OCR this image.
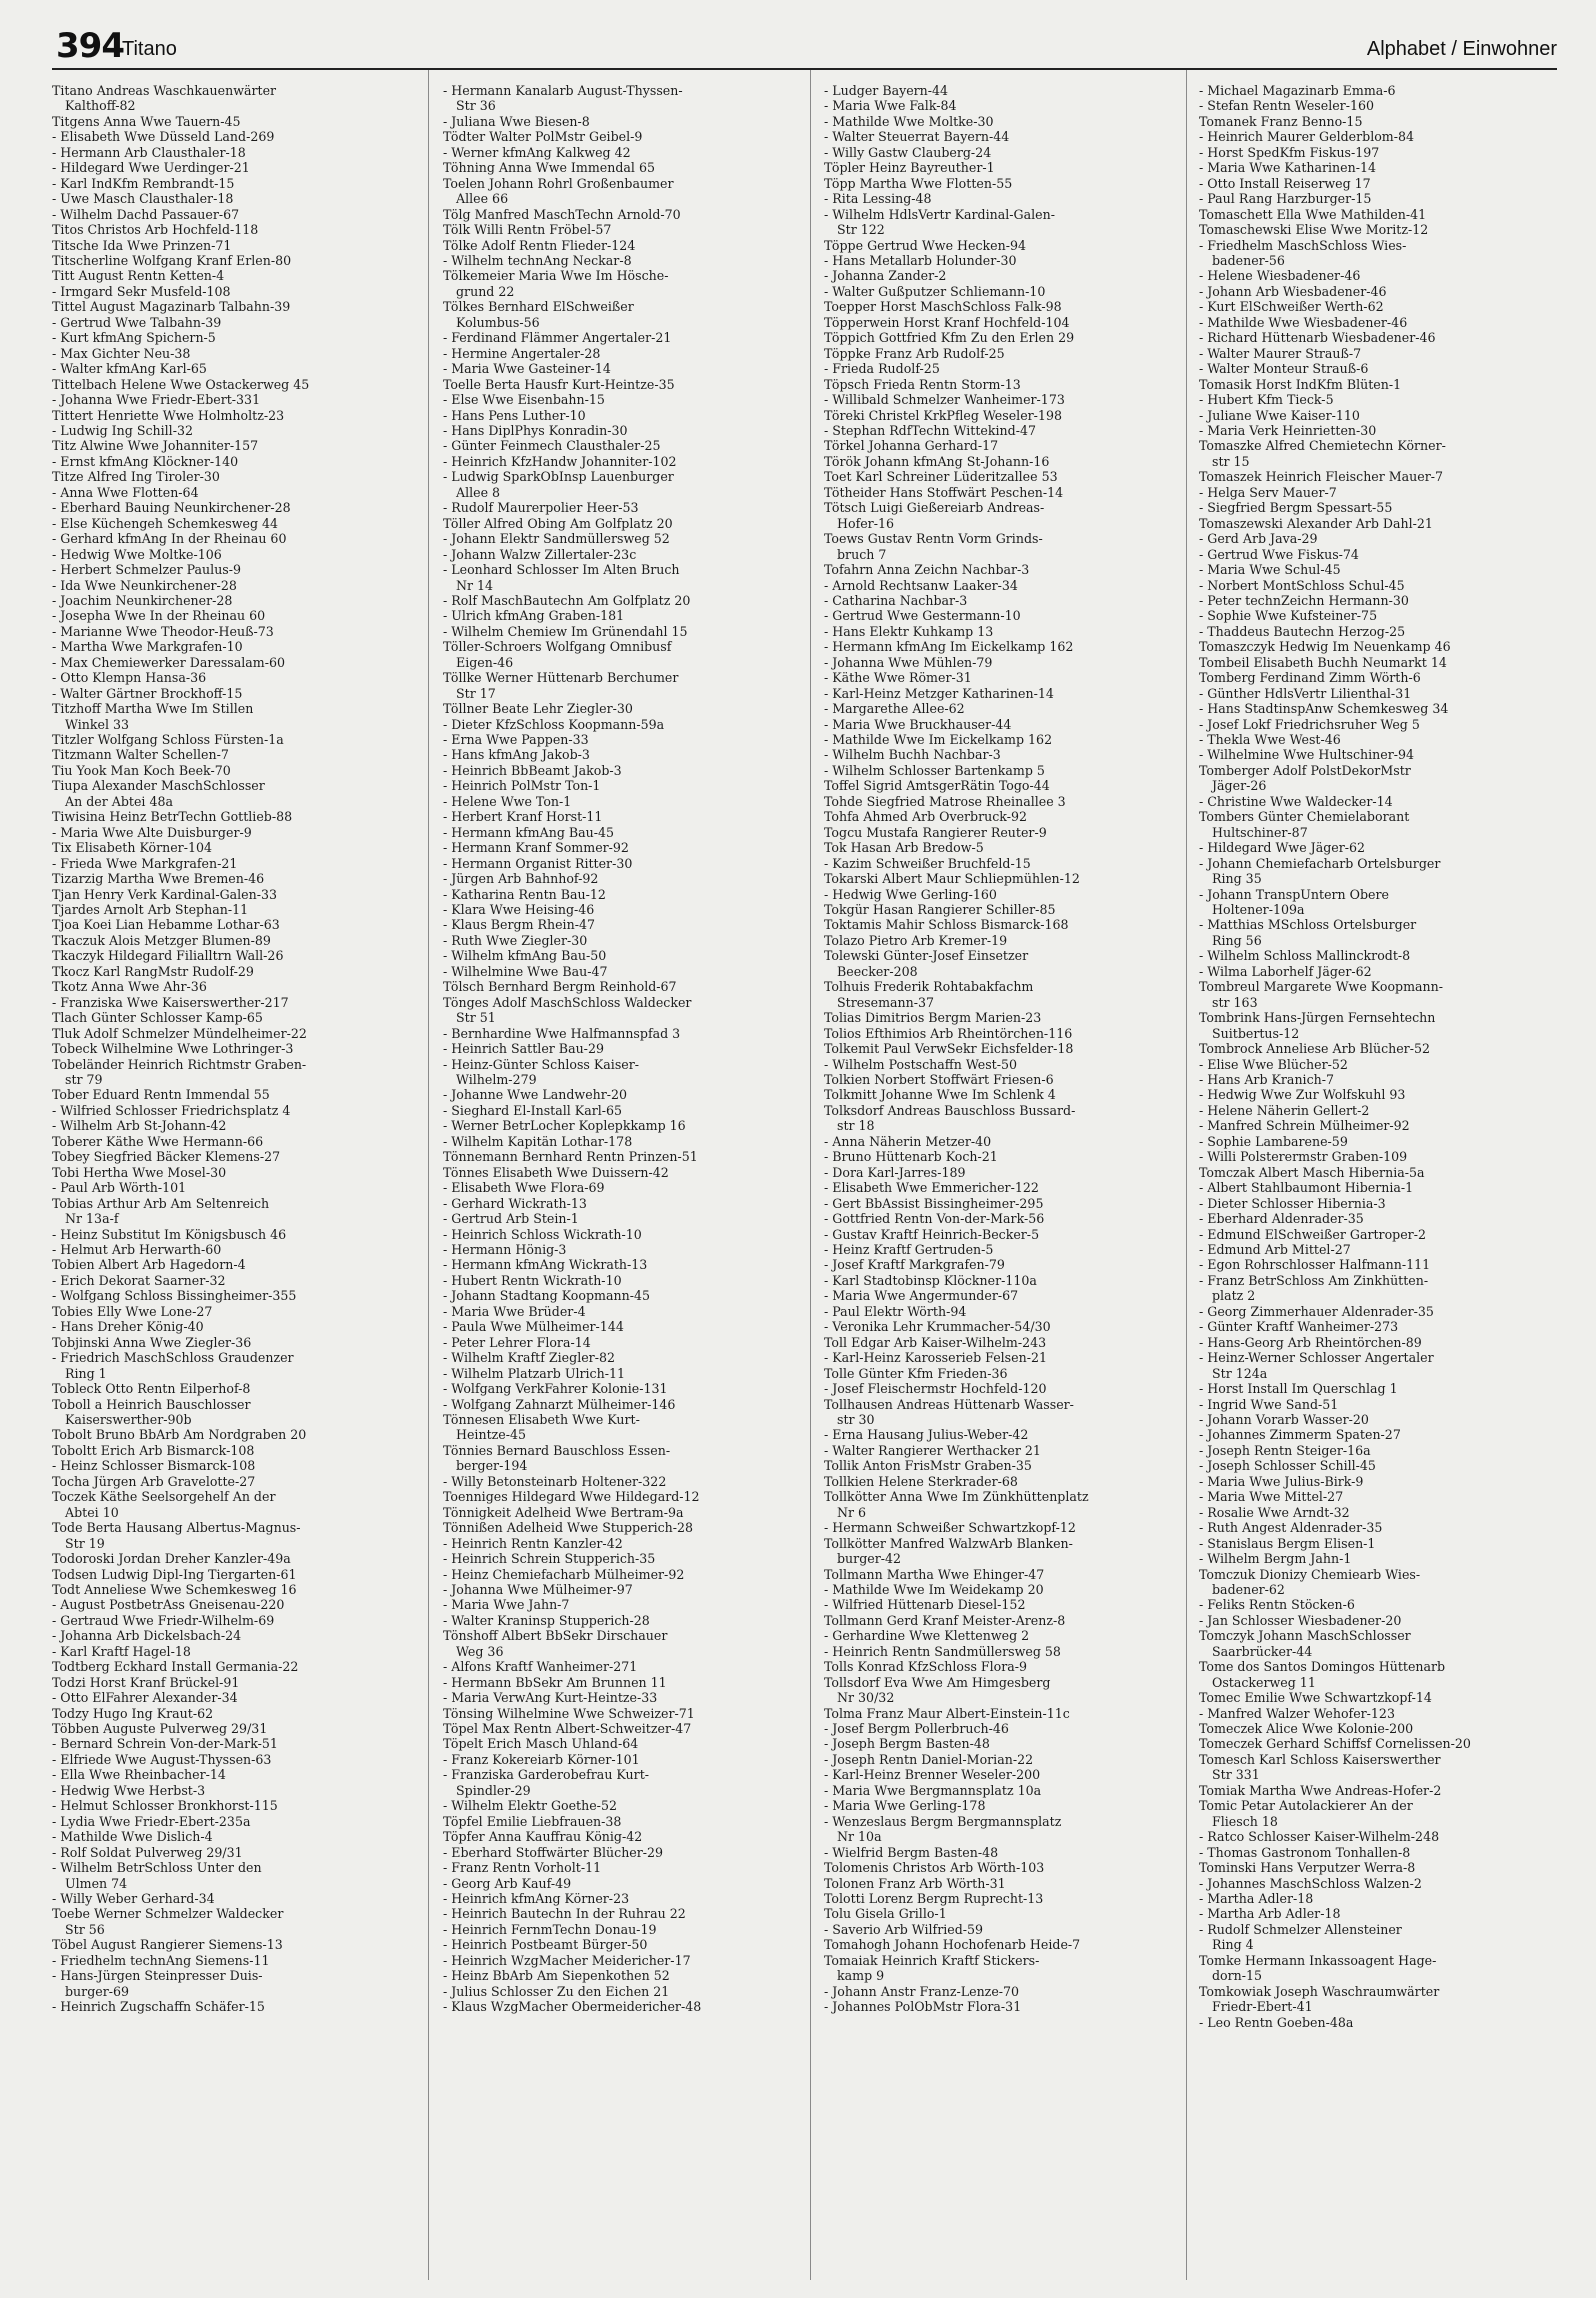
394
Titano	Alphabet / Einwohner
Titano Andreas Waschkauenwärter
Kalthoff-82
Titgens Anna Wwe Tauern-45
- Elisabeth Wwe Düsseld Land-269
- Hermann Arb Clausthaler-18
- Hildegard Wwe Uerdinger-21
- Karl IndKfm Rembrandt-15
- Uwe Masch Clausthaler-18
- Wilhelm Dachd Passauer-67
Titos Christos Arb Hochfeld-118
Titsche Ida Wwe Prinzen-71
Titscherline Wolfgang Kranf Erlen-80
Titt August Rentn Ketten-4
- Irmgard Sekr Musfeld-108
Tittel August Magazinarb Talbahn-39
- Gertrud Wwe Talbahn-39
- Kurt kfmAng Spichern-5
- Max Gichter Neu-38
- Walter kfmAng Karl-65
Tittelbach Helene Wwe Ostackerweg 45
- Johanna Wwe Friedr-Ebert-331
Tittert Henriette Wwe Holmholtz-23
- Ludwig Ing Schill-32
Titz Alwine Wwe Johanniter-157
- Ernst kfmAng Klöckner-140
Titze Alfred Ing Tiroler-30
- Anna Wwe Flotten-64
- Eberhard Bauing Neunkirchener-28
- Else Küchengeh Schemkesweg 44
- Gerhard kfmAng In der Rheinau 60
- Hedwig Wwe Moltke-106
- Herbert Schmelzer Paulus-9
- Ida Wwe Neunkirchener-28
- Joachim Neunkirchener-28
- Josepha Wwe In der Rheinau 60
- Marianne Wwe Theodor-Heuß-73
- Martha Wwe Markgrafen-10
- Max Chemiewerker Daressalam-60
- Otto Klempn Hansa-36
- Walter Gärtner Brockhoff-15
Titzhoff Martha Wwe Im Stillen
Winkel 33
Titzler Wolfgang Schloss Fürsten-1a
Titzmann Walter Schellen-7
Tiu Yook Man Koch Beek-70
Tiupa Alexander MaschSchlosser
An der Abtei 48a
Tiwisina Heinz BetrTechn Gottlieb-88
- Maria Wwe Alte Duisburger-9
Tix Elisabeth Körner-104
- Frieda Wwe Markgrafen-21
Tizarzig Martha Wwe Bremen-46
Tjan Henry Verk Kardinal-Galen-33
Tjardes Arnolt Arb Stephan-11
Tjoa Koei Lian Hebamme Lothar-63
Tkaczuk Alois Metzger Blumen-89
Tkaczyk Hildegard Filialltrn Wall-26
Tkocz Karl RangMstr Rudolf-29
Tkotz Anna Wwe Ahr-36
- Franziska Wwe Kaiserswerther-217
Tlach Günter Schlosser Kamp-65
Tluk Adolf Schmelzer Mündelheimer-22
Tobeck Wilhelmine Wwe Lothringer-3
Tobeländer Heinrich Richtmstr Graben-
str 79
Tober Eduard Rentn Immendal 55
- Wilfried Schlosser Friedrichsplatz 4
- Wilhelm Arb St-Johann-42
Toberer Käthe Wwe Hermann-66
Tobey Siegfried Bäcker Klemens-27
Tobi Hertha Wwe Mosel-30
- Paul Arb Wörth-101
Tobias Arthur Arb Am Seltenreich
Nr 13a-f
- Heinz Substitut Im Königsbusch 46
- Helmut Arb Herwarth-60
Tobien Albert Arb Hagedorn-4
- Erich Dekorat Saarner-32
- Wolfgang Schloss Bissingheimer-355
Tobies Elly Wwe Lone-27
- Hans Dreher König-40
Tobjinski Anna Wwe Ziegler-36
- Friedrich MaschSchloss Graudenzer
Ring 1
Tobleck Otto Rentn Eilperhof-8
Toboll a Heinrich Bauschlosser
Kaiserswerther-90b
Tobolt Bruno BbArb Am Nordgraben 20
Toboltt Erich Arb Bismarck-108
- Heinz Schlosser Bismarck-108
Tocha Jürgen Arb Gravelotte-27
Toczek Käthe Seelsorgehelf An der
Abtei 10
Tode Berta Hausang Albertus-Magnus-
Str 19
Todoroski Jordan Dreher Kanzler-49a
Todsen Ludwig Dipl-Ing Tiergarten-61
Todt Anneliese Wwe Schemkesweg 16
- August PostbetrAss Gneisenau-220
- Gertraud Wwe Friedr-Wilhelm-69
- Johanna Arb Dickelsbach-24
- Karl Kraftf Hagel-18
Todtberg Eckhard Install Germania-22
Todzi Horst Kranf Brückel-91
- Otto ElFahrer Alexander-34
Todzy Hugo Ing Kraut-62
Többen Auguste Pulverweg 29/31
- Bernard Schrein Von-der-Mark-51
- Elfriede Wwe August-Thyssen-63
- Ella Wwe Rheinbacher-14
- Hedwig Wwe Herbst-3
- Helmut Schlosser Bronkhorst-115
- Lydia Wwe Friedr-Ebert-235a
- Mathilde Wwe Dislich-4
- Rolf Soldat Pulverweg 29/31
- Wilhelm BetrSchloss Unter den
Ulmen 74
- Willy Weber Gerhard-34
Toebe Werner Schmelzer Waldecker
Str 56
Töbel August Rangierer Siemens-13
- Friedhelm technAng Siemens-11
- Hans-Jürgen Steinpresser Duis-
burger-69
- Heinrich Zugschaffn Schäfer-15
- Hermann Kanalarb August-Thyssen-
Str 36
- Juliana Wwe Biesen-8
Tödter Walter PolMstr Geibel-9
- Werner kfmAng Kalkweg 42
Töhning Anna Wwe Immendal 65
Toelen Johann Rohrl Großenbaumer
Allee 66
Tölg Manfred MaschTechn Arnold-70
Tölk Willi Rentn Fröbel-57
Tölke Adolf Rentn Flieder-124
- Wilhelm technAng Neckar-8
Tölkemeier Maria Wwe Im Hösche-
grund 22
Tölkes Bernhard ElSchweißer
Kolumbus-56
- Ferdinand Flämmer Angertaler-21
- Hermine Angertaler-28
- Maria Wwe Gasteiner-14
Toelle Berta Hausfr Kurt-Heintze-35
- Else Wwe Eisenbahn-15
- Hans Pens Luther-10
- Hans DiplPhys Konradin-30
- Günter Feinmech Clausthaler-25
- Heinrich KfzHandw Johanniter-102
- Ludwig SparkObInsp Lauenburger
Allee 8
- Rudolf Maurerpolier Heer-53
Töller Alfred Obing Am Golfplatz 20
- Johann Elektr Sandmüllersweg 52
- Johann Walzw Zillertaler-23c
- Leonhard Schlosser Im Alten Bruch
Nr 14
- Rolf MaschBautechn Am Golfplatz 20
- Ulrich kfmAng Graben-181
- Wilhelm Chemiew Im Grünendahl 15
Töller-Schroers Wolfgang Omnibusf
Eigen-46
Töllke Werner Hüttenarb Berchumer
Str 17
Töllner Beate Lehr Ziegler-30
- Dieter KfzSchloss Koopmann-59a
- Erna Wwe Pappen-33
- Hans kfmAng Jakob-3
- Heinrich BbBeamt Jakob-3
- Heinrich PolMstr Ton-1
- Helene Wwe Ton-1
- Herbert Kranf Horst-11
- Hermann kfmAng Bau-45
- Hermann Kranf Sommer-92
- Hermann Organist Ritter-30
- Jürgen Arb Bahnhof-92
- Katharina Rentn Bau-12
- Klara Wwe Heising-46
- Klaus Bergm Rhein-47
- Ruth Wwe Ziegler-30
- Wilhelm kfmAng Bau-50
- Wilhelmine Wwe Bau-47
Tölsch Bernhard Bergm Reinhold-67
Tönges Adolf MaschSchloss Waldecker
Str 51
- Bernhardine Wwe Halfmannspfad 3
- Heinrich Sattler Bau-29
- Heinz-Günter Schloss Kaiser-
Wilhelm-279
- Johanne Wwe Landwehr-20
- Sieghard El-Install Karl-65
- Werner BetrLocher Koplepkkamp 16
- Wilhelm Kapitän Lothar-178
Tönnemann Bernhard Rentn Prinzen-51
Tönnes Elisabeth Wwe Duissern-42
- Elisabeth Wwe Flora-69
- Gerhard Wickrath-13
- Gertrud Arb Stein-1
- Heinrich Schloss Wickrath-10
- Hermann Hönig-3
- Hermann kfmAng Wickrath-13
- Hubert Rentn Wickrath-10
- Johann Stadtang Koopmann-45
- Maria Wwe Brüder-4
- Paula Wwe Mülheimer-144
- Peter Lehrer Flora-14
- Wilhelm Kraftf Ziegler-82
- Wilhelm Platzarb Ulrich-11
- Wolfgang VerkFahrer Kolonie-131
- Wolfgang Zahnarzt Mülheimer-146
Tönnesen Elisabeth Wwe Kurt-
Heintze-45
Tönnies Bernard Bauschloss Essen-
berger-194
- Willy Betonsteinarb Holtener-322
Toenniges Hildegard Wwe Hildegard-12
Tönnigkeit Adelheid Wwe Bertram-9a
Tönnißen Adelheid Wwe Stupperich-28
- Heinrich Rentn Kanzler-42
- Heinrich Schrein Stupperich-35
- Heinz Chemiefacharb Mülheimer-92
- Johanna Wwe Mülheimer-97
- Maria Wwe Jahn-7
- Walter Kraninsp Stupperich-28
Tönshoff Albert BbSekr Dirschauer
Weg 36
- Alfons Kraftf Wanheimer-271
- Hermann BbSekr Am Brunnen 11
- Maria VerwAng Kurt-Heintze-33
Tönsing Wilhelmine Wwe Schweizer-71
Töpel Max Rentn Albert-Schweitzer-47
Töpelt Erich Masch Uhland-64
- Franz Kokereiarb Körner-101
- Franziska Garderobefrau Kurt-
Spindler-29
- Wilhelm Elektr Goethe-52
Töpfel Emilie Liebfrauen-38
Töpfer Anna Kauffrau König-42
- Eberhard Stoffwärter Blücher-29
- Franz Rentn Vorholt-11
- Georg Arb Kauf-49
- Heinrich kfmAng Körner-23
- Heinrich Bautechn In der Ruhrau 22
- Heinrich FernmTechn Donau-19
- Heinrich Postbeamt Bürger-50
- Heinrich WzgMacher Meidericher-17
- Heinz BbArb Am Siepenkothen 52
- Julius Schlosser Zu den Eichen 21
- Klaus WzgMacher Obermeidericher-48
- Ludger Bayern-44
- Maria Wwe Falk-84
- Mathilde Wwe Moltke-30
- Walter Steuerrat Bayern-44
- Willy Gastw Clauberg-24
Töpler Heinz Bayreuther-1
Töpp Martha Wwe Flotten-55
- Rita Lessing-48
- Wilhelm HdlsVertr Kardinal-Galen-
Str 122
Töppe Gertrud Wwe Hecken-94
- Hans Metallarb Holunder-30
- Johanna Zander-2
- Walter Gußputzer Schliemann-10
Toepper Horst MaschSchloss Falk-98
Töpperwein Horst Kranf Hochfeld-104
Töppich Gottfried Kfm Zu den Erlen 29
Töppke Franz Arb Rudolf-25
- Frieda Rudolf-25
Töpsch Frieda Rentn Storm-13
- Willibald Schmelzer Wanheimer-173
Töreki Christel KrkPfleg Weseler-198
- Stephan RdfTechn Wittekind-47
Törkel Johanna Gerhard-17
Török Johann kfmAng St-Johann-16
Toet Karl Schreiner Lüderitzallee 53
Tötheider Hans Stoffwärt Peschen-14
Tötsch Luigi Gießereiarb Andreas-
Hofer-16
Toews Gustav Rentn Vorm Grinds-
bruch 7
Tofahrn Anna Zeichn Nachbar-3
- Arnold Rechtsanw Laaker-34
- Catharina Nachbar-3
- Gertrud Wwe Gestermann-10
- Hans Elektr Kuhkamp 13
- Hermann kfmAng Im Eickelkamp 162
- Johanna Wwe Mühlen-79
- Käthe Wwe Römer-31
- Karl-Heinz Metzger Katharinen-14
- Margarethe Allee-62
- Maria Wwe Bruckhauser-44
- Mathilde Wwe Im Eickelkamp 162
- Wilhelm Buchh Nachbar-3
- Wilhelm Schlosser Bartenkamp 5
Toffel Sigrid AmtsgerRätin Togo-44
Tohde Siegfried Matrose Rheinallee 3
Tohfa Ahmed Arb Overbruck-92
Togcu Mustafa Rangierer Reuter-9
Tok Hasan Arb Bredow-5
- Kazim Schweißer Bruchfeld-15
Tokarski Albert Maur Schliepmühlen-12
- Hedwig Wwe Gerling-160
Tokgür Hasan Rangierer Schiller-85
Toktamis Mahir Schloss Bismarck-168
Tolazo Pietro Arb Kremer-19
Tolewski Günter-Josef Einsetzer
Beecker-208
Tolhuis Frederik Rohtabakfachm
Stresemann-37
Tolias Dimitrios Bergm Marien-23
Tolios Efthimios Arb Rheintörchen-116
Tolkemit Paul VerwSekr Eichsfelder-18
- Wilhelm Postschaffn West-50
Tolkien Norbert Stoffwärt Friesen-6
Tolkmitt Johanne Wwe Im Schlenk 4
Tolksdorf Andreas Bauschloss Bussard-
str 18
- Anna Näherin Metzer-40
- Bruno Hüttenarb Koch-21
- Dora Karl-Jarres-189
- Elisabeth Wwe Emmericher-122
- Gert BbAssist Bissingheimer-295
- Gottfried Rentn Von-der-Mark-56
- Gustav Kraftf Heinrich-Becker-5
- Heinz Kraftf Gertruden-5
- Josef Kraftf Markgrafen-79
- Karl Stadtobinsp Klöckner-110a
- Maria Wwe Angermunder-67
- Paul Elektr Wörth-94
- Veronika Lehr Krummacher-54/30
Toll Edgar Arb Kaiser-Wilhelm-243
- Karl-Heinz Karosserieb Felsen-21
Tolle Günter Kfm Frieden-36
- Josef Fleischermstr Hochfeld-120
Tollhausen Andreas Hüttenarb Wasser-
str 30
- Erna Hausang Julius-Weber-42
- Walter Rangierer Werthacker 21
Tollik Anton FrisMstr Graben-35
Tollkien Helene Sterkrader-68
Tollkötter Anna Wwe Im Zünkhüttenplatz
Nr 6
- Hermann Schweißer Schwartzkopf-12
Tollkötter Manfred WalzwArb Blanken-
burger-42
Tollmann Martha Wwe Ehinger-47
- Mathilde Wwe Im Weidekamp 20
- Wilfried Hüttenarb Diesel-152
Tollmann Gerd Kranf Meister-Arenz-8
- Gerhardine Wwe Klettenweg 2
- Heinrich Rentn Sandmüllersweg 58
Tolls Konrad KfzSchloss Flora-9
Tollsdorf Eva Wwe Am Himgesberg
Nr 30/32
Tolma Franz Maur Albert-Einstein-11c
- Josef Bergm Pollerbruch-46
- Joseph Bergm Basten-48
- Joseph Rentn Daniel-Morian-22
- Karl-Heinz Brenner Weseler-200
- Maria Wwe Bergmannsplatz 10a
- Maria Wwe Gerling-178
- Wenzeslaus Bergm Bergmannsplatz
Nr 10a
- Wielfrid Bergm Basten-48
Tolomenis Christos Arb Wörth-103
Tolonen Franz Arb Wörth-31
Tolotti Lorenz Bergm Ruprecht-13
Tolu Gisela Grillo-1
- Saverio Arb Wilfried-59
Tomahogh Johann Hochofenarb Heide-7
Tomaiak Heinrich Kraftf Stickers-
kamp 9
- Johann Anstr Franz-Lenze-70
- Johannes PolObMstr Flora-31
- Michael Magazinarb Emma-6
- Stefan Rentn Weseler-160
Tomanek Franz Benno-15
- Heinrich Maurer Gelderblom-84
- Horst SpedKfm Fiskus-197
- Maria Wwe Katharinen-14
- Otto Install Reiserweg 17
- Paul Rang Harzburger-15
Tomaschett Ella Wwe Mathilden-41
Tomaschewski Elise Wwe Moritz-12
- Friedhelm MaschSchloss Wies-
badener-56
- Helene Wiesbadener-46
- Johann Arb Wiesbadener-46
- Kurt ElSchweißer Werth-62
- Mathilde Wwe Wiesbadener-46
- Richard Hüttenarb Wiesbadener-46
- Walter Maurer Strauß-7
- Walter Monteur Strauß-6
Tomasik Horst IndKfm Blüten-1
- Hubert Kfm Tieck-5
- Juliane Wwe Kaiser-110
- Maria Verk Heinrietten-30
Tomaszke Alfred Chemietechn Körner-
str 15
Tomaszek Heinrich Fleischer Mauer-7
- Helga Serv Mauer-7
- Siegfried Bergm Spessart-55
Tomaszewski Alexander Arb Dahl-21
- Gerd Arb Java-29
- Gertrud Wwe Fiskus-74
- Maria Wwe Schul-45
- Norbert MontSchloss Schul-45
- Peter technZeichn Hermann-30
- Sophie Wwe Kufsteiner-75
- Thaddeus Bautechn Herzog-25
Tomaszczyk Hedwig Im Neuenkamp 46
Tombeil Elisabeth Buchh Neumarkt 14
Tomberg Ferdinand Zimm Wörth-6
- Günther HdlsVertr Lilienthal-31
- Hans StadtinspAnw Schemkesweg 34
- Josef Lokf Friedrichsruher Weg 5
- Thekla Wwe West-46
- Wilhelmine Wwe Hultschiner-94
Tomberger Adolf PolstDekorMstr
Jäger-26
- Christine Wwe Waldecker-14
Tombers Günter Chemielaborant
Hultschiner-87
- Hildegard Wwe Jäger-62
- Johann Chemiefacharb Ortelsburger
Ring 35
- Johann TranspUntern Obere
Holtener-109a
- Matthias MSchloss Ortelsburger
Ring 56
- Wilhelm Schloss Mallinckrodt-8
- Wilma Laborhelf Jäger-62
Tombreul Margarete Wwe Koopmann-
str 163
Tombrink Hans-Jürgen Fernsehtechn
Suitbertus-12
Tombrock Anneliese Arb Blücher-52
- Elise Wwe Blücher-52
- Hans Arb Kranich-7
- Hedwig Wwe Zur Wolfskuhl 93
- Helene Näherin Gellert-2
- Manfred Schrein Mülheimer-92
- Sophie Lambarene-59
- Willi Polsterermstr Graben-109
Tomczak Albert Masch Hibernia-5a
- Albert Stahlbaumont Hibernia-1
- Dieter Schlosser Hibernia-3
- Eberhard Aldenrader-35
- Edmund ElSchweißer Gartroper-2
- Edmund Arb Mittel-27
- Egon Rohrschlosser Halfmann-111
- Franz BetrSchloss Am Zinkhütten-
platz 2
- Georg Zimmerhauer Aldenrader-35
- Günter Kraftf Wanheimer-273
- Hans-Georg Arb Rheintörchen-89
- Heinz-Werner Schlosser Angertaler
Str 124a
- Horst Install Im Querschlag 1
- Ingrid Wwe Sand-51
- Johann Vorarb Wasser-20
- Johannes Zimmerm Spaten-27
- Joseph Rentn Steiger-16a
- Joseph Schlosser Schill-45
- Maria Wwe Julius-Birk-9
- Maria Wwe Mittel-27
- Rosalie Wwe Arndt-32
- Ruth Angest Aldenrader-35
- Stanislaus Bergm Elisen-1
- Wilhelm Bergm Jahn-1
Tomczuk Dionizy Chemiearb Wies-
badener-62
- Feliks Rentn Stöcken-6
- Jan Schlosser Wiesbadener-20
Tomczyk Johann MaschSchlosser
Saarbrücker-44
Tome dos Santos Domingos Hüttenarb
Ostackerweg 11
Tomec Emilie Wwe Schwartzkopf-14
- Manfred Walzer Wehofer-123
Tomeczek Alice Wwe Kolonie-200
Tomeczek Gerhard Schiffsf Cornelissen-20
Tomesch Karl Schloss Kaiserswerther
Str 331
Tomiak Martha Wwe Andreas-Hofer-2
Tomic Petar Autolackierer An der
Fliesch 18
- Ratco Schlosser Kaiser-Wilhelm-248
- Thomas Gastronom Tonhallen-8
Tominski Hans Verputzer Werra-8
- Johannes MaschSchloss Walzen-2
- Martha Adler-18
- Martha Arb Adler-18
- Rudolf Schmelzer Allensteiner
Ring 4
Tomke Hermann Inkassoagent Hage-
dorn-15
Tomkowiak Joseph Waschraumwärter
Friedr-Ebert-41
- Leo Rentn Goeben-48a
